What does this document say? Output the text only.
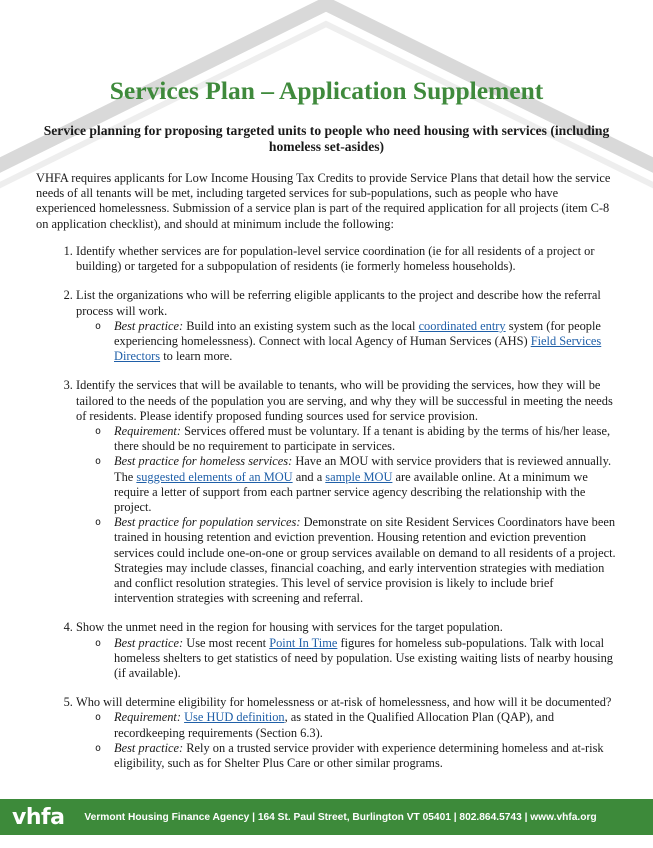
Services Plan – Application Supplement
Service planning for proposing targeted units to people who need housing with services (including homeless set-asides)

VHFA requires applicants for Low Income Housing Tax Credits to provide Service Plans that detail how the service needs of all tenants will be met, including targeted services for sub-populations, such as people who have experienced homelessness. Submission of a service plan is part of the required application for all projects (item C-8 on application checklist), and should at minimum include the following:

1. Identify whether services are for population-level service coordination (ie for all residents of a project or building) or targeted for a subpopulation of residents (ie formerly homeless households).
2. List the organizations who will be referring eligible applicants to the project and describe how the referral process will work.
o Best practice: Build into an existing system such as the local coordinated entry system (for people experiencing homelessness). Connect with local Agency of Human Services (AHS) Field Services Directors to learn more.
3. Identify the services that will be available to tenants, who will be providing the services, how they will be tailored to the needs of the population you are serving, and why they will be successful in meeting the needs of residents. Please identify proposed funding sources used for service provision.
o Requirement: Services offered must be voluntary. If a tenant is abiding by the terms of his/her lease, there should be no requirement to participate in services.
o Best practice for homeless services: Have an MOU with service providers that is reviewed annually. The suggested elements of an MOU and a sample MOU are available online. At a minimum we require a letter of support from each partner service agency describing the relationship with the project.
o Best practice for population services: Demonstrate on site Resident Services Coordinators have been trained in housing retention and eviction prevention. Housing retention and eviction prevention services could include one-on-one or group services available on demand to all residents of a project. Strategies may include classes, financial coaching, and early intervention strategies with mediation and conflict resolution strategies. This level of service provision is likely to include brief intervention strategies with screening and referral.
4. Show the unmet need in the region for housing with services for the target population.
o Best practice: Use most recent Point In Time figures for homeless sub-populations. Talk with local homeless shelters to get statistics of need by population. Use existing waiting lists of nearby housing (if available).
5. Who will determine eligibility for homelessness or at-risk of homelessness, and how will it be documented?
o Requirement: Use HUD definition, as stated in the Qualified Allocation Plan (QAP), and recordkeeping requirements (Section 6.3).
o Best practice: Rely on a trusted service provider with experience determining homeless and at-risk eligibility, such as for Shelter Plus Care or other similar programs.
vhfa Vermont Housing Finance Agency | 164 St. Paul Street, Burlington VT 05401 | 802.864.5743 | www.vhfa.org
